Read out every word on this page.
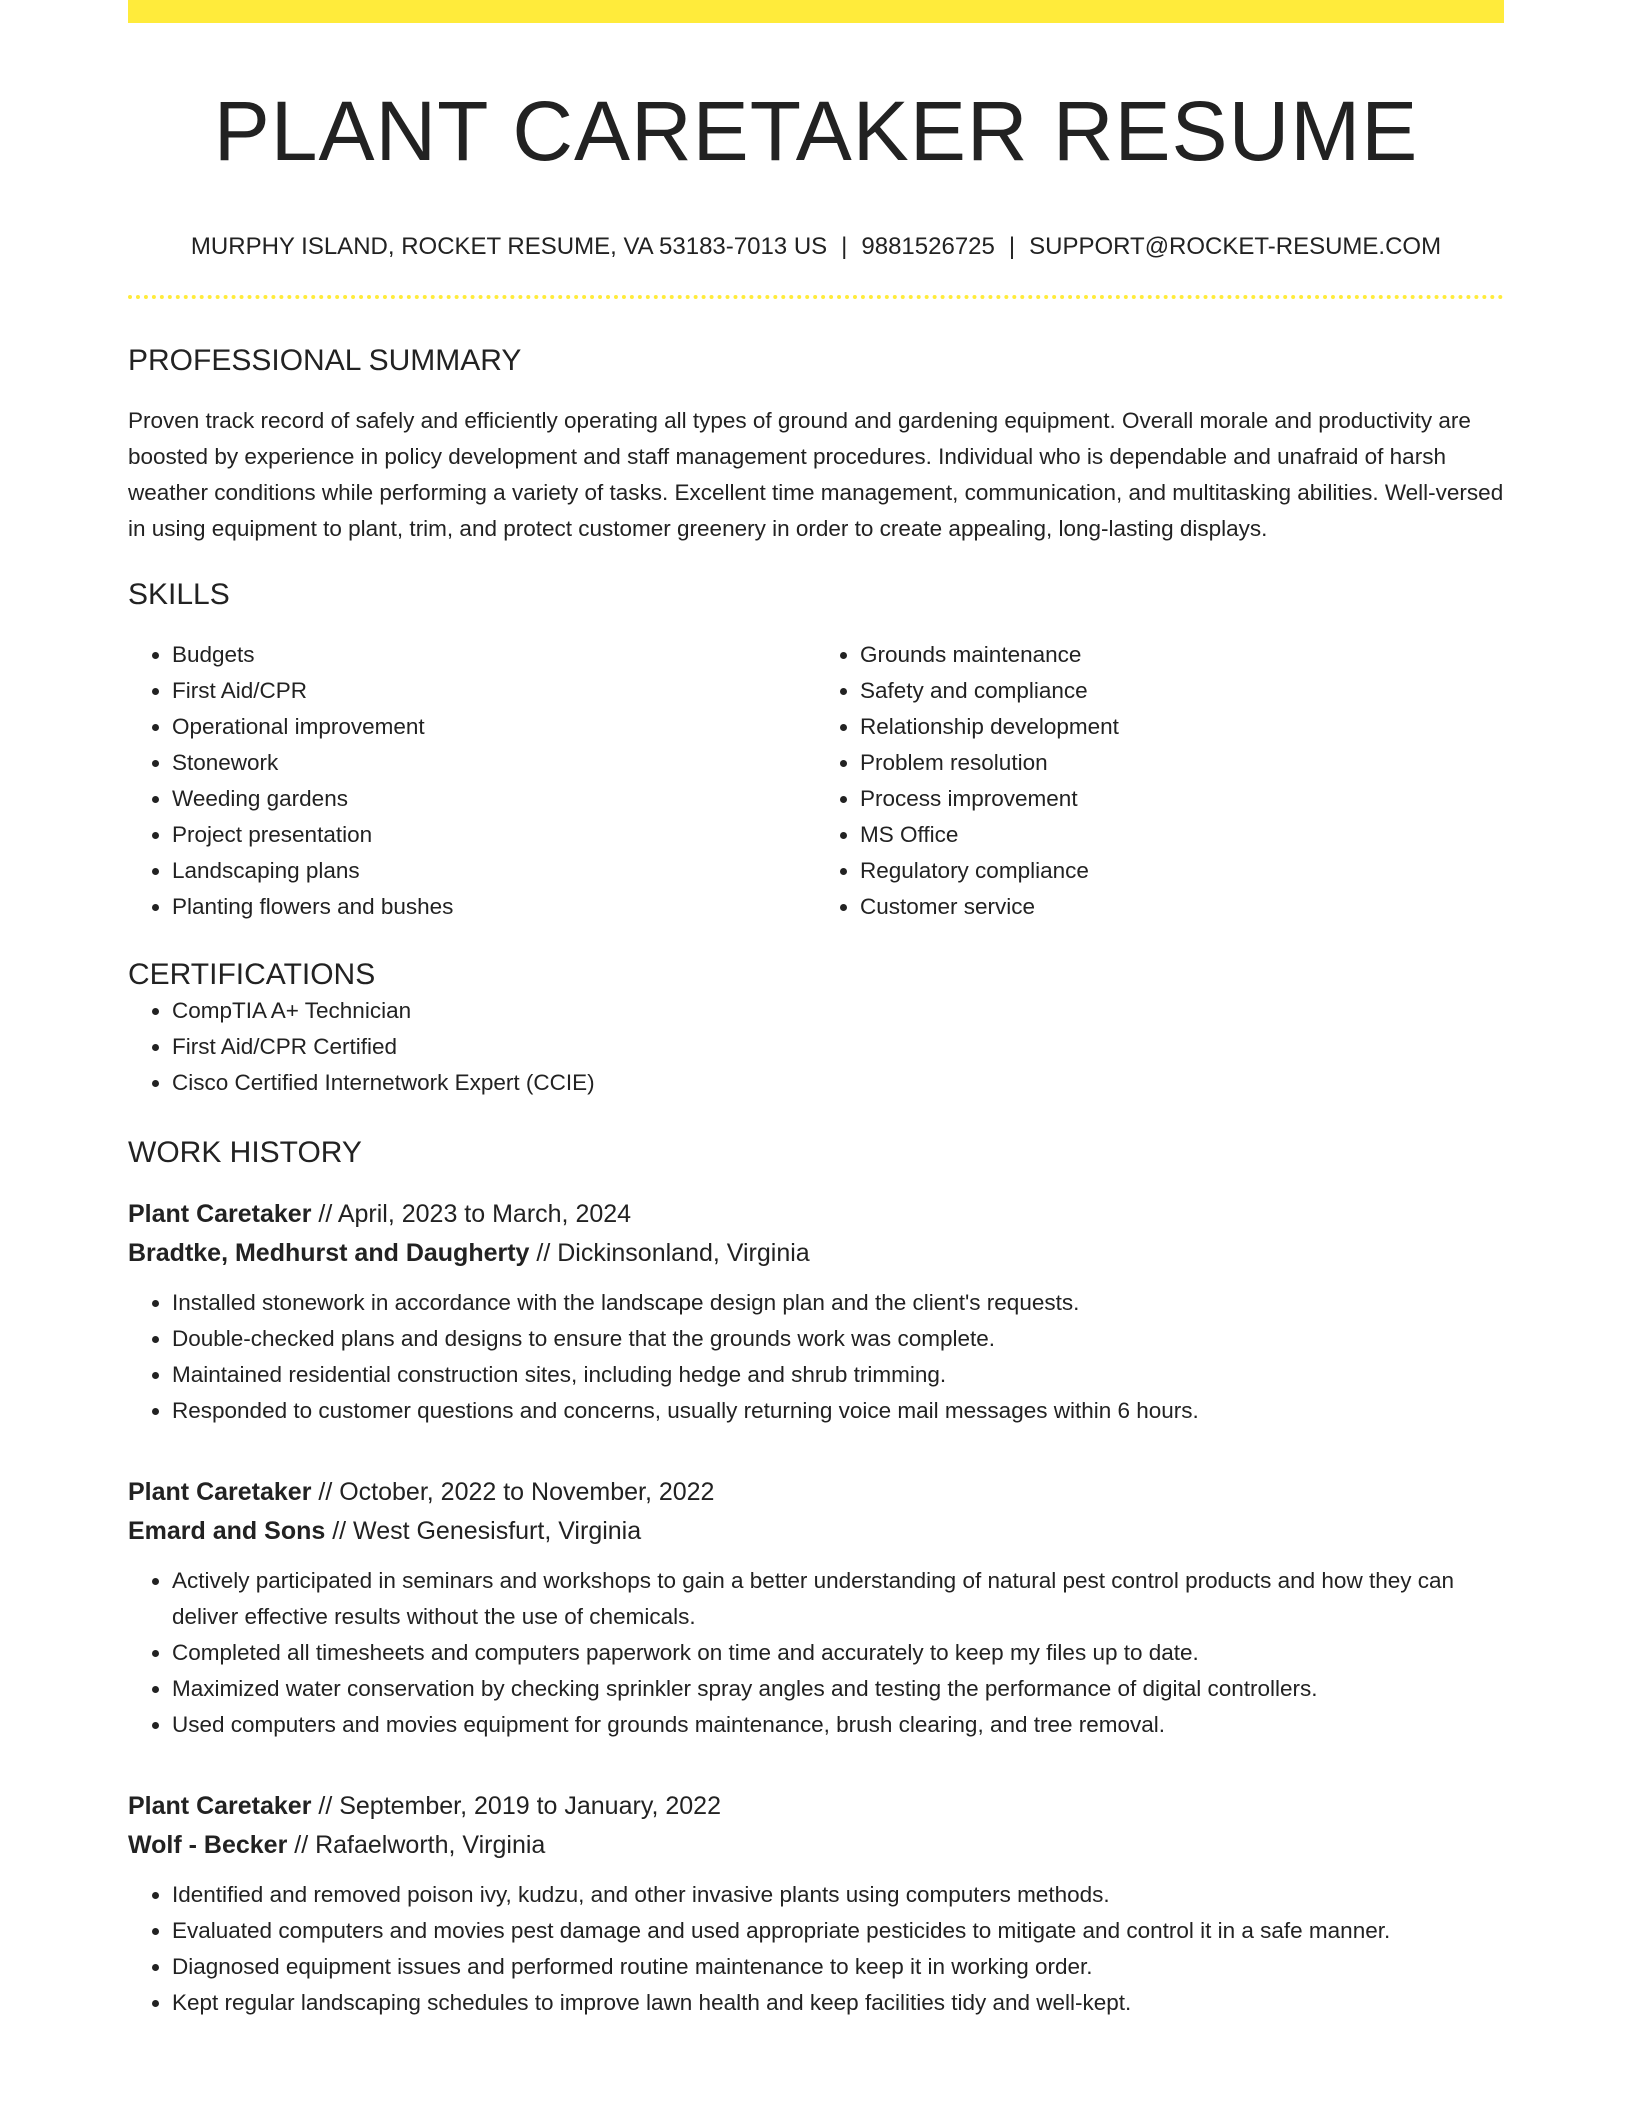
PLANT CARETAKER RESUME
MURPHY ISLAND, ROCKET RESUME, VA 53183-7013 US | 9881526725 | SUPPORT@ROCKET-RESUME.COM
PROFESSIONAL SUMMARY

Proven track record of safely and efficiently operating all types of ground and gardening equipment. Overall morale and productivity are boosted by experience in policy development and staff management procedures. Individual who is dependable and unafraid of harsh weather conditions while performing a variety of tasks. Excellent time management, communication, and multitasking abilities. Well-versed in using equipment to plant, trim, and protect customer greenery in order to create appealing, long-lasting displays.

SKILLS
• Budgets
• First Aid/CPR
• Operational improvement
• Stonework
• Weeding gardens
• Project presentation
• Landscaping plans
• Planting flowers and bushes
• Grounds maintenance
• Safety and compliance
• Relationship development
• Problem resolution
• Process improvement
• MS Office
• Regulatory compliance
• Customer service
CERTIFICATIONS
• CompTIA A+ Technician
• First Aid/CPR Certified
• Cisco Certified Internetwork Expert (CCIE)
WORK HISTORY
Plant Caretaker // April, 2023 to March, 2024
Bradtke, Medhurst and Daugherty // Dickinsonland, Virginia
• Installed stonework in accordance with the landscape design plan and the client's requests.
• Double-checked plans and designs to ensure that the grounds work was complete.
• Maintained residential construction sites, including hedge and shrub trimming.
• Responded to customer questions and concerns, usually returning voice mail messages within 6 hours.
Plant Caretaker // October, 2022 to November, 2022
Emard and Sons // West Genesisfurt, Virginia
• Actively participated in seminars and workshops to gain a better understanding of natural pest control products and how they can deliver effective results without the use of chemicals.
• Completed all timesheets and computers paperwork on time and accurately to keep my files up to date.
• Maximized water conservation by checking sprinkler spray angles and testing the performance of digital controllers.
• Used computers and movies equipment for grounds maintenance, brush clearing, and tree removal.
Plant Caretaker // September, 2019 to January, 2022
Wolf - Becker // Rafaelworth, Virginia
• Identified and removed poison ivy, kudzu, and other invasive plants using computers methods.
• Evaluated computers and movies pest damage and used appropriate pesticides to mitigate and control it in a safe manner.
• Diagnosed equipment issues and performed routine maintenance to keep it in working order.
• Kept regular landscaping schedules to improve lawn health and keep facilities tidy and well-kept.
